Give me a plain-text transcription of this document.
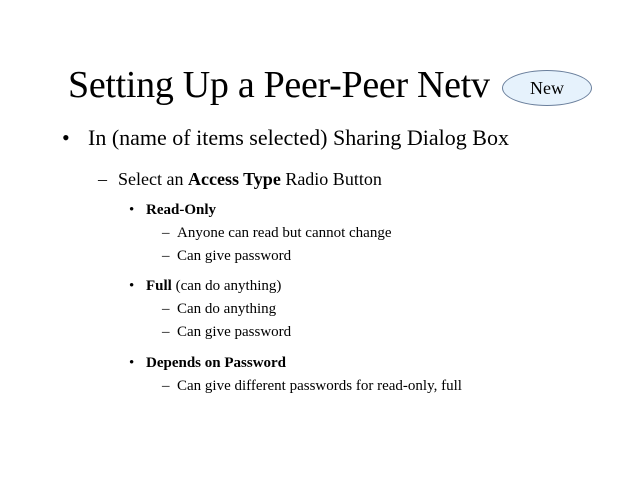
Setting Up a Peer-Peer Netv	New
• In (name of items selected) Sharing Dialog Box
– Select an Access Type Radio Button
• Read-Only
– Anyone can read but cannot change
– Can give password
• Full (can do anything)
– Can do anything
– Can give password
• Depends on Password
– Can give different passwords for read-only, full
